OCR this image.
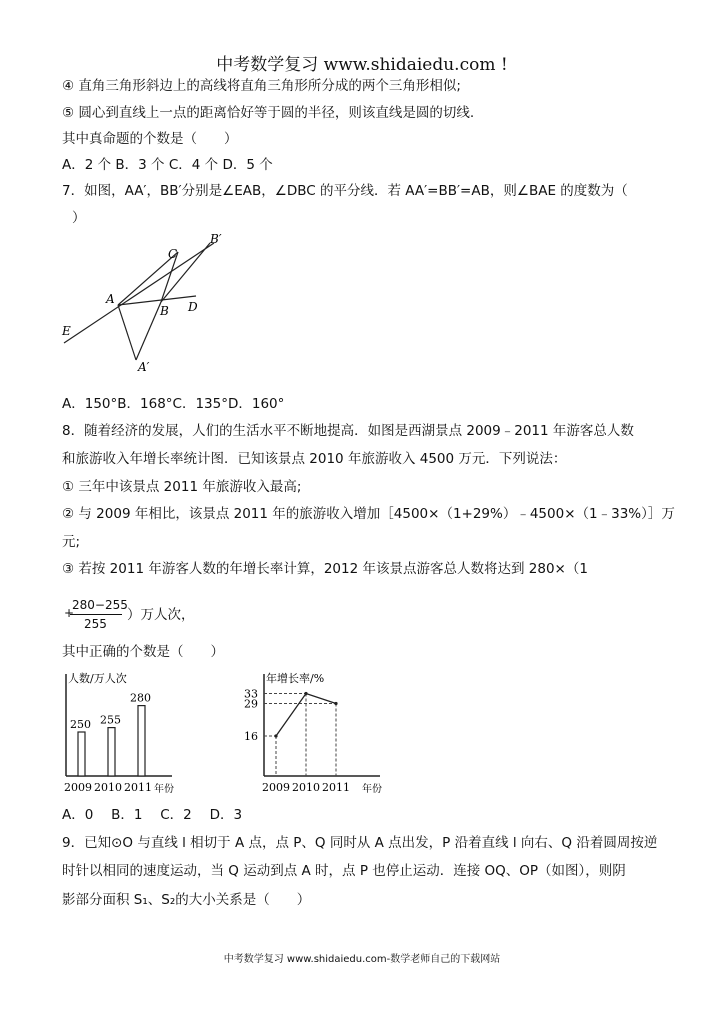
中考数学复习 www.shidaiedu.com !
④ 直角三角形斜边上的高线将直角三角形所分成的两个三角形相似;
⑤ 圆心到直线上一点的距离恰好等于圆的半径，则该直线是圆的切线.
其中真命题的个数是（　　）
A．2 个 B．3 个 C．4 个 D．5 个
7．如图，AA′，BB′分别是∠EAB，∠DBC 的平分线．若 AA′=BB′=AB，则∠BAE 的度数为（
）
A
B
C
D
E
A′
B′
A．150°B．168°C．135°D．160°
8．随着经济的发展，人们的生活水平不断地提高．如图是西湖景点 2009﹣2011 年游客总人数
和旅游收入年增长率统计图．已知该景点 2010 年旅游收入 4500 万元．下列说法：
① 三年中该景点 2011 年旅游收入最高;
② 与 2009 年相比，该景点 2011 年的旅游收入增加［4500×（1+29%）﹣4500×（1﹣33%）］万
元;
③ 若按 2011 年游客人数的年增长率计算，2012 年该景点游客总人数将达到 280×（1
+
280−255
255
）万人次，
其中正确的个数是（　　）
人数/万人次
年份
250
2009
255
2010
280
2011
年增长率/%
年份
16
29
33
2009 2010 2011
A．0　 B．1　 C．2　 D．3
9．已知⊙O 与直线 l 相切于 A 点，点 P、Q 同时从 A 点出发，P 沿着直线 l 向右、Q 沿着圆周按逆
时针以相同的速度运动，当 Q 运动到点 A 时，点 P 也停止运动．连接 OQ、OP（如图），则阴
影部分面积 S₁、S₂的大小关系是（　　）
中考数学复习 www.shidaiedu.com-数学老师自己的下载网站
